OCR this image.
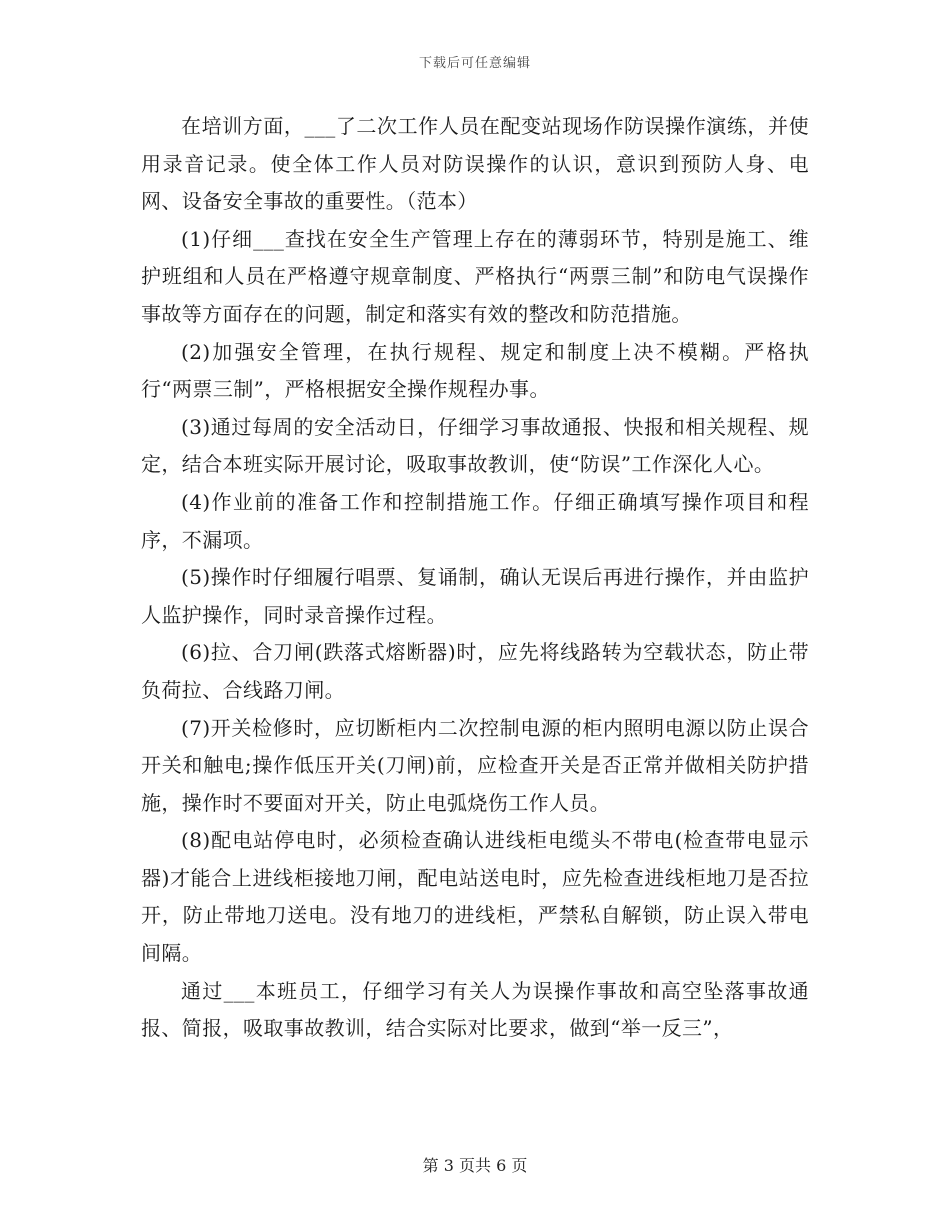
下载后可任意编辑

在培训方面，___了二次工作人员在配变站现场作防误操作演练，并使用录音记录。使全体工作人员对防误操作的认识，意识到预防人身、电网、设备安全事故的重要性。（范本）

(1)仔细___查找在安全生产管理上存在的薄弱环节，特别是施工、维护班组和人员在严格遵守规章制度、严格执行“两票三制”和防电气误操作事故等方面存在的问题，制定和落实有效的整改和防范措施。

(2)加强安全管理，在执行规程、规定和制度上决不模糊。严格执行“两票三制”，严格根据安全操作规程办事。

(3)通过每周的安全活动日，仔细学习事故通报、快报和相关规程、规定，结合本班实际开展讨论，吸取事故教训，使“防误”工作深化人心。

(4)作业前的准备工作和控制措施工作。仔细正确填写操作项目和程序，不漏项。

(5)操作时仔细履行唱票、复诵制，确认无误后再进行操作，并由监护人监护操作，同时录音操作过程。

(6)拉、合刀闸(跌落式熔断器)时，应先将线路转为空载状态，防止带负荷拉、合线路刀闸。

(7)开关检修时，应切断柜内二次控制电源的柜内照明电源以防止误合开关和触电;操作低压开关(刀闸)前，应检查开关是否正常并做相关防护措施，操作时不要面对开关，防止电弧烧伤工作人员。

(8)配电站停电时，必须检查确认进线柜电缆头不带电(检查带电显示器)才能合上进线柜接地刀闸，配电站送电时，应先检查进线柜地刀是否拉开，防止带地刀送电。没有地刀的进线柜，严禁私自解锁，防止误入带电间隔。

通过___本班员工，仔细学习有关人为误操作事故和高空坠落事故通报、简报，吸取事故教训，结合实际对比要求，做到“举一反三”，

第 3 页共 6 页
